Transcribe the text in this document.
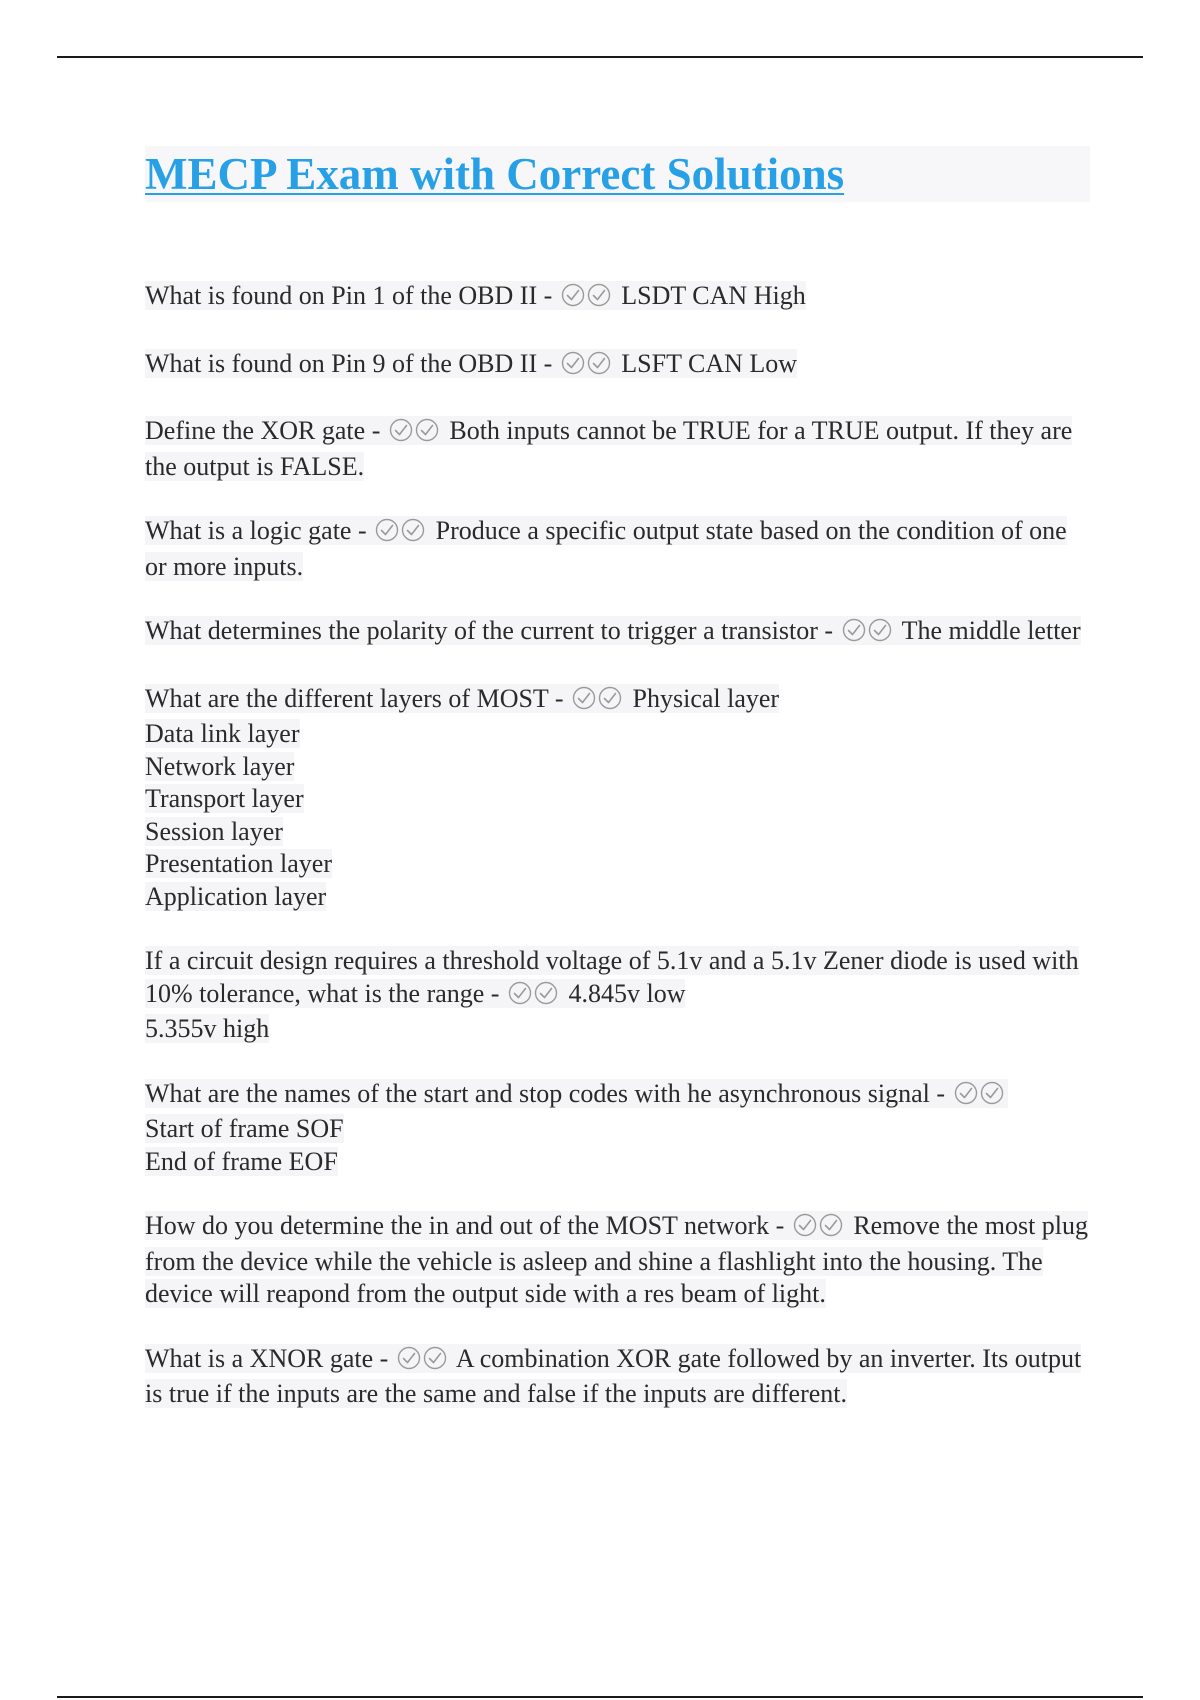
MECP Exam with Correct Solutions
What is found on Pin 1 of the OBD II -	LSDT CAN High
What is found on Pin 9 of the OBD II -	LSFT CAN Low
Define the XOR gate -	Both inputs cannot be TRUE for a TRUE output. If they are the output is FALSE.
What is a logic gate -	Produce a specific output state based on the condition of one or more inputs.
What determines the polarity of the current to trigger a transistor -	The middle letter
What are the different layers of MOST -	Physical layer
Data link layer
Network layer
Transport layer
Session layer
Presentation layer
Application layer
If a circuit design requires a threshold voltage of 5.1v and a 5.1v Zener diode is used with 10% tolerance, what is the range -	4.845v low
5.355v high
What are the names of the start and stop codes with he asynchronous signal -
Start of frame SOF
End of frame EOF
How do you determine the in and out of the MOST network -	Remove the most plug from the device while the vehicle is asleep and shine a flashlight into the housing. The device will reapond from the output side with a res beam of light.
What is a XNOR gate -	A combination XOR gate followed by an inverter. Its output is true if the inputs are the same and false if the inputs are different.
